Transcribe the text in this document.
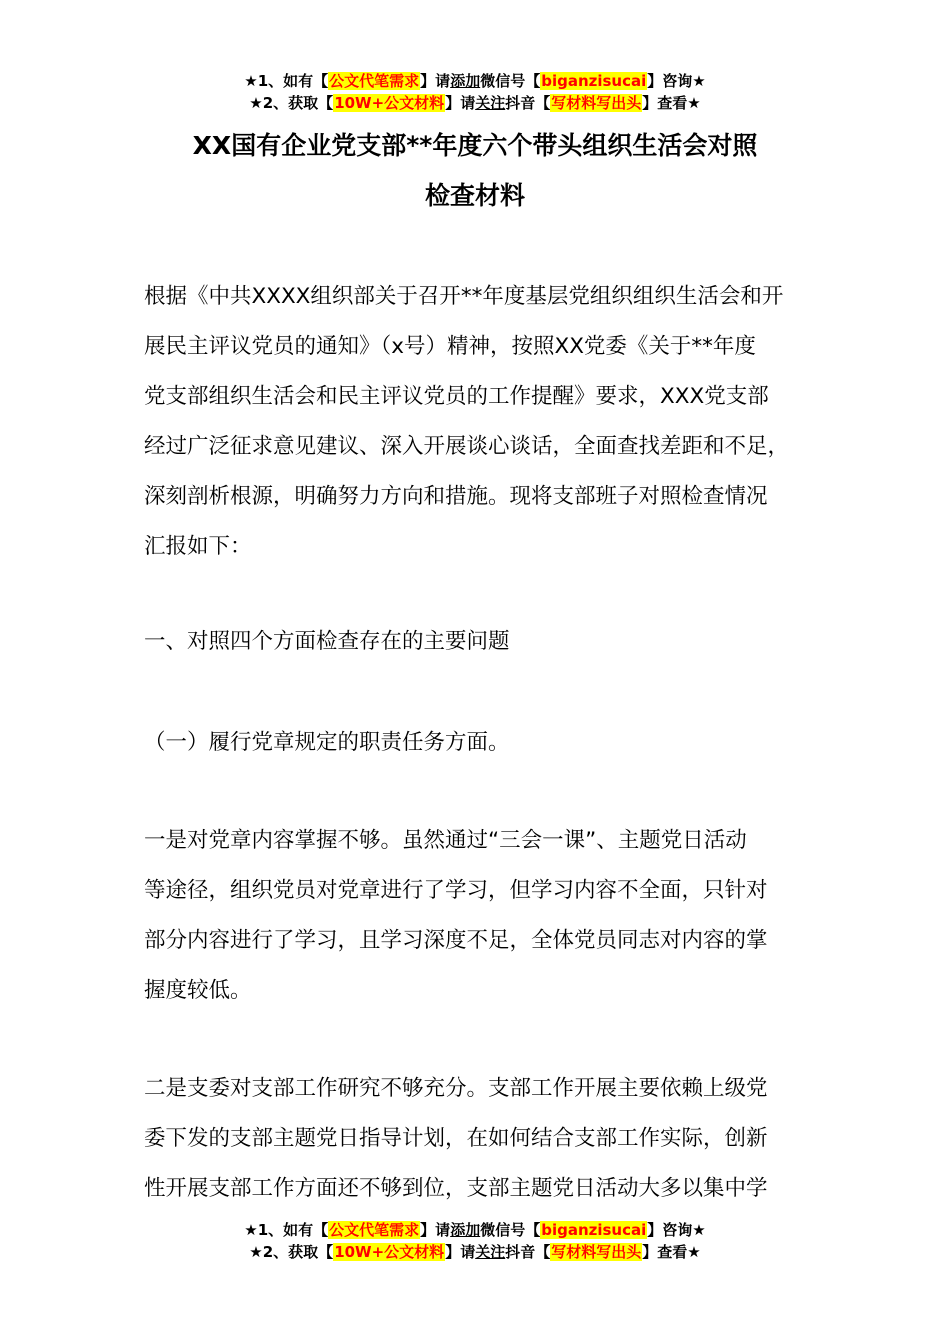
★1、如有【公文代笔需求】请添加微信号【biganzisucai】咨询★
★2、获取【10W+公文材料】请关注抖音【写材料写出头】查看★
XX国有企业党支部**年度六个带头组织生活会对照
检查材料
根据《中共XXXX组织部关于召开**年度基层党组织组织生活会和开
展民主评议党员的通知》（x号）精神，按照XX党委《关于**年度
党支部组织生活会和民主评议党员的工作提醒》要求，XXX党支部
经过广泛征求意见建议、深入开展谈心谈话，全面查找差距和不足，
深刻剖析根源，明确努力方向和措施。现将支部班子对照检查情况
汇报如下：
一、对照四个方面检查存在的主要问题
（一）履行党章规定的职责任务方面。
一是对党章内容掌握不够。虽然通过“三会一课”、主题党日活动
等途径，组织党员对党章进行了学习，但学习内容不全面，只针对
部分内容进行了学习，且学习深度不足，全体党员同志对内容的掌
握度较低。
二是支委对支部工作研究不够充分。支部工作开展主要依赖上级党
委下发的支部主题党日指导计划，在如何结合支部工作实际，创新
性开展支部工作方面还不够到位，支部主题党日活动大多以集中学
★1、如有【公文代笔需求】请添加微信号【biganzisucai】咨询★
★2、获取【10W+公文材料】请关注抖音【写材料写出头】查看★
